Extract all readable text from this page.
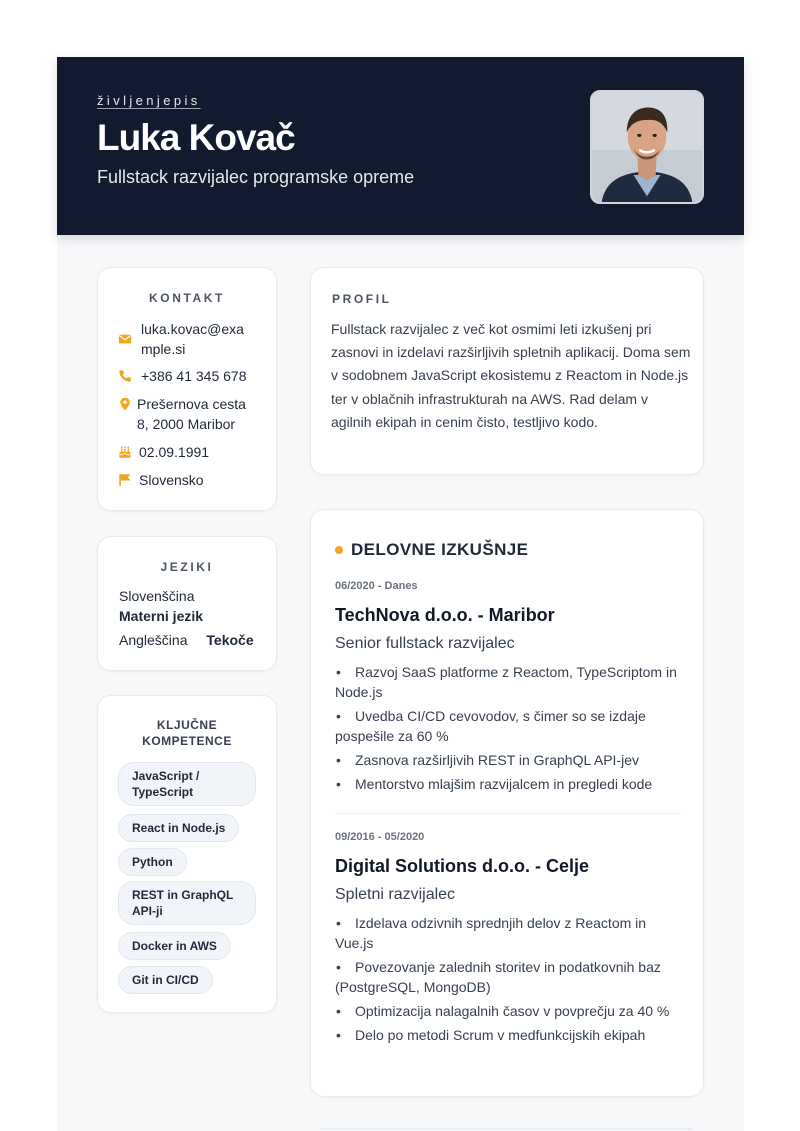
življenjepis
Luka Kovač
Fullstack razvijalec programske opreme
KONTAKT
luka.kovac@exa
mple.si
+386 41 345 678
Prešernova cesta
8, 2000 Maribor
02.09.1991
Slovensko
JEZIKI
Slovenščina
Materni jezik
Angleščina Tekoče
KLJUČNE KOMPETENCE
JavaScript / TypeScript
React in Node.js
Python
REST in GraphQL API-ji
Docker in AWS
Git in CI/CD
PROFIL
Fullstack razvijalec z več kot osmimi leti izkušenj pri zasnovi in izdelavi razširljivih spletnih aplikacij. Doma sem v sodobnem JavaScript ekosistemu z Reactom in Node.js ter v oblačnih infrastrukturah na AWS. Rad delam v agilnih ekipah in cenim čisto, testljivo kodo.
DELOVNE IZKUŠNJE
06/2020 - Danes
TechNova d.o.o. - Maribor
Senior fullstack razvijalec
• Razvoj SaaS platforme z Reactom, TypeScriptom in Node.js
• Uvedba CI/CD cevovodov, s čimer so se izdaje pospešile za 60 %
• Zasnova razširljivih REST in GraphQL API-jev
• Mentorstvo mlajšim razvijalcem in pregledi kode
09/2016 - 05/2020
Digital Solutions d.o.o. - Celje
Spletni razvijalec
• Izdelava odzivnih sprednjih delov z Reactom in Vue.js
• Povezovanje zalednih storitev in podatkovnih baz (PostgreSQL, MongoDB)
• Optimizacija nalagalnih časov v povprečju za 40 %
• Delo po metodi Scrum v medfunkcijskih ekipah
